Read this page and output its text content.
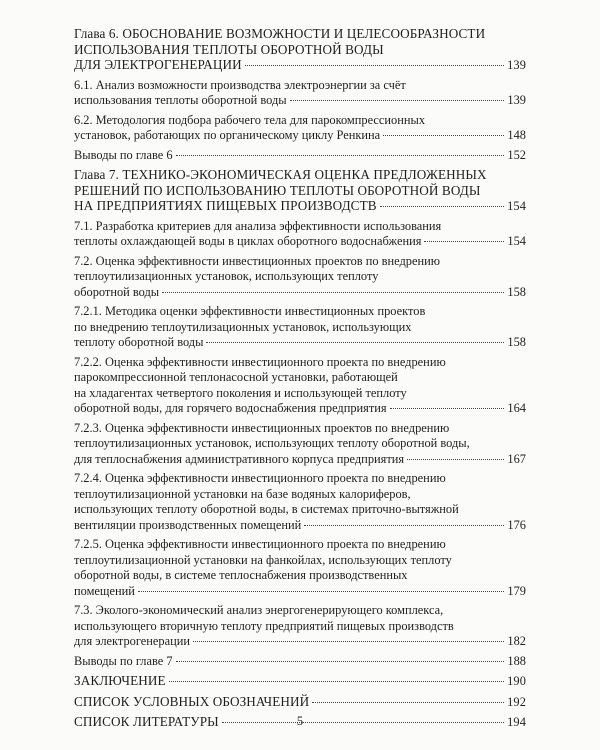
Глава 6. ОБОСНОВАНИЕ ВОЗМОЖНОСТИ И ЦЕЛЕСООБРАЗНОСТИ
ИСПОЛЬЗОВАНИЯ ТЕПЛОТЫ ОБОРОТНОЙ ВОДЫ
ДЛЯ ЭЛЕКТРОГЕНЕРАЦИИ	139
6.1. Анализ возможности производства электроэнергии за счёт
использования теплоты оборотной воды	139
6.2. Методология подбора рабочего тела для парокомпрессионных
установок, работающих по органическому циклу Ренкина	148
Выводы по главе 6	152
Глава 7. ТЕХНИКО-ЭКОНОМИЧЕСКАЯ ОЦЕНКА ПРЕДЛОЖЕННЫХ
РЕШЕНИЙ ПО ИСПОЛЬЗОВАНИЮ ТЕПЛОТЫ ОБОРОТНОЙ ВОДЫ
НА ПРЕДПРИЯТИЯХ ПИЩЕВЫХ ПРОИЗВОДСТВ	154
7.1. Разработка критериев для анализа эффективности использования
теплоты охлаждающей воды в циклах оборотного водоснабжения	154
7.2. Оценка эффективности инвестиционных проектов по внедрению
теплоутилизационных установок, использующих теплоту
оборотной воды	158
7.2.1. Методика оценки эффективности инвестиционных проектов
по внедрению теплоутилизационных установок, использующих
теплоту оборотной воды	158
7.2.2. Оценка эффективности инвестиционного проекта по внедрению
парокомпрессионной теплонасосной установки, работающей
на хладагентах четвертого поколения и использующей теплоту
оборотной воды, для горячего водоснабжения предприятия	164
7.2.3. Оценка эффективности инвестиционных проектов по внедрению
теплоутилизационных установок, использующих теплоту оборотной воды,
для теплоснабжения административного корпуса предприятия	167
7.2.4. Оценка эффективности инвестиционного проекта по внедрению
теплоутилизационной установки на базе водяных калориферов,
использующих теплоту оборотной воды, в системах приточно-вытяжной
вентиляции производственных помещений	176
7.2.5. Оценка эффективности инвестиционного проекта по внедрению
теплоутилизационной установки на фанкойлах, использующих теплоту
оборотной воды, в системе теплоснабжения производственных
помещений	179
7.3. Эколого-экономический анализ энергогенерирующего комплекса,
использующего вторичную теплоту предприятий пищевых производств
для электрогенерации	182
Выводы по главе 7	188
ЗАКЛЮЧЕНИЕ	190
СПИСОК УСЛОВНЫХ ОБОЗНАЧЕНИЙ	192
СПИСОК ЛИТЕРАТУРЫ	194
5
